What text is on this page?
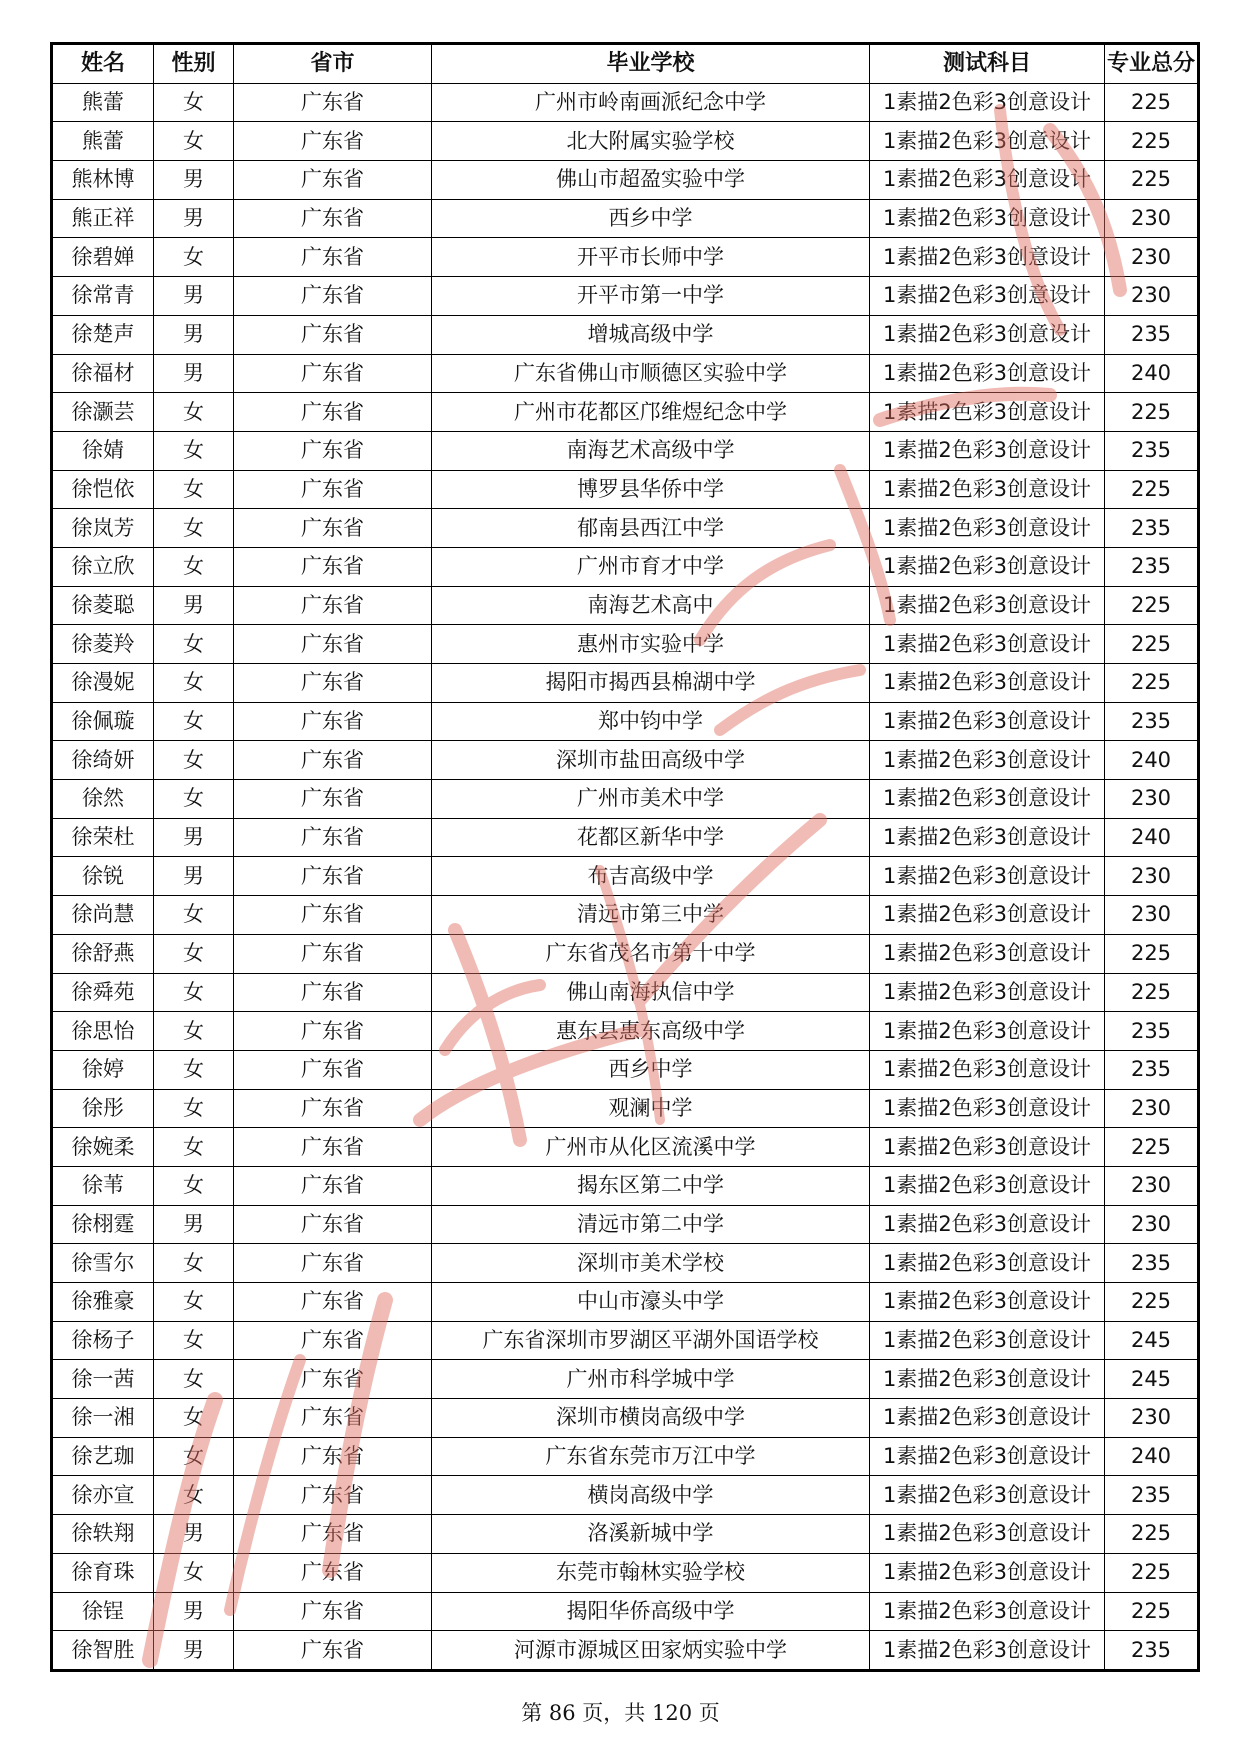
姓名	性别	省市	毕业学校	测试科目	专业总分
熊蕾	女	广东省	广州市岭南画派纪念中学	1素描2色彩3创意设计	225
熊蕾	女	广东省	北大附属实验学校	1素描2色彩3创意设计	225
熊林博	男	广东省	佛山市超盈实验中学	1素描2色彩3创意设计	225
熊正祥	男	广东省	西乡中学	1素描2色彩3创意设计	230
徐碧婵	女	广东省	开平市长师中学	1素描2色彩3创意设计	230
徐常青	男	广东省	开平市第一中学	1素描2色彩3创意设计	230
徐楚声	男	广东省	增城高级中学	1素描2色彩3创意设计	235
徐福材	男	广东省	广东省佛山市顺德区实验中学	1素描2色彩3创意设计	240
徐灏芸	女	广东省	广州市花都区邝维煜纪念中学	1素描2色彩3创意设计	225
徐婧	女	广东省	南海艺术高级中学	1素描2色彩3创意设计	235
徐恺依	女	广东省	博罗县华侨中学	1素描2色彩3创意设计	225
徐岚芳	女	广东省	郁南县西江中学	1素描2色彩3创意设计	235
徐立欣	女	广东省	广州市育才中学	1素描2色彩3创意设计	235
徐菱聪	男	广东省	南海艺术高中	1素描2色彩3创意设计	225
徐菱羚	女	广东省	惠州市实验中学	1素描2色彩3创意设计	225
徐漫妮	女	广东省	揭阳市揭西县棉湖中学	1素描2色彩3创意设计	225
徐佩璇	女	广东省	郑中钧中学	1素描2色彩3创意设计	235
徐绮妍	女	广东省	深圳市盐田高级中学	1素描2色彩3创意设计	240
徐然	女	广东省	广州市美术中学	1素描2色彩3创意设计	230
徐荣杜	男	广东省	花都区新华中学	1素描2色彩3创意设计	240
徐锐	男	广东省	布吉高级中学	1素描2色彩3创意设计	230
徐尚慧	女	广东省	清远市第三中学	1素描2色彩3创意设计	230
徐舒燕	女	广东省	广东省茂名市第十中学	1素描2色彩3创意设计	225
徐舜苑	女	广东省	佛山南海执信中学	1素描2色彩3创意设计	225
徐思怡	女	广东省	惠东县惠东高级中学	1素描2色彩3创意设计	235
徐婷	女	广东省	西乡中学	1素描2色彩3创意设计	235
徐彤	女	广东省	观澜中学	1素描2色彩3创意设计	230
徐婉柔	女	广东省	广州市从化区流溪中学	1素描2色彩3创意设计	225
徐苇	女	广东省	揭东区第二中学	1素描2色彩3创意设计	230
徐栩霆	男	广东省	清远市第二中学	1素描2色彩3创意设计	230
徐雪尔	女	广东省	深圳市美术学校	1素描2色彩3创意设计	235
徐雅豪	女	广东省	中山市濠头中学	1素描2色彩3创意设计	225
徐杨子	女	广东省	广东省深圳市罗湖区平湖外国语学校	1素描2色彩3创意设计	245
徐一茜	女	广东省	广州市科学城中学	1素描2色彩3创意设计	245
徐一湘	女	广东省	深圳市横岗高级中学	1素描2色彩3创意设计	230
徐艺珈	女	广东省	广东省东莞市万江中学	1素描2色彩3创意设计	240
徐亦宣	女	广东省	横岗高级中学	1素描2色彩3创意设计	235
徐轶翔	男	广东省	洛溪新城中学	1素描2色彩3创意设计	225
徐育珠	女	广东省	东莞市翰林实验学校	1素描2色彩3创意设计	225
徐锃	男	广东省	揭阳华侨高级中学	1素描2色彩3创意设计	225
徐智胜	男	广东省	河源市源城区田家炳实验中学	1素描2色彩3创意设计	235
第 86 页，共 120 页
